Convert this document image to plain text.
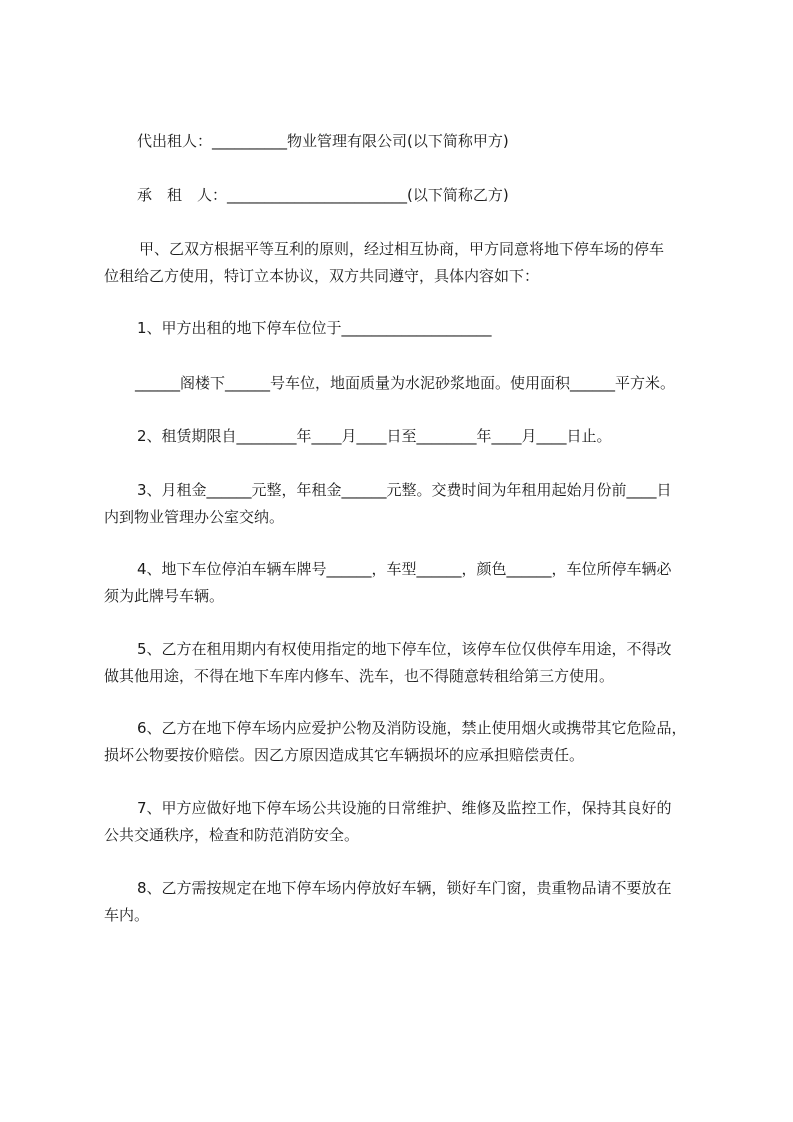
代出租人：__________物业管理有限公司(以下简称甲方)
承　租　人：________________________(以下简称乙方)
甲、乙双方根据平等互利的原则，经过相互协商，甲方同意将地下停车场的停车
位租给乙方使用，特订立本协议，双方共同遵守，具体内容如下：
1、甲方出租的地下停车位位于____________________
______阁楼下______号车位，地面质量为水泥砂浆地面。使用面积______平方米。
2、租赁期限自________年____月____日至________年____月____日止。
3、月租金______元整，年租金______元整。交费时间为年租用起始月份前____日
内到物业管理办公室交纳。
4、地下车位停泊车辆车牌号______，车型______，颜色______，车位所停车辆必
须为此牌号车辆。
5、乙方在租用期内有权使用指定的地下停车位，该停车位仅供停车用途，不得改
做其他用途，不得在地下车库内修车、洗车，也不得随意转租给第三方使用。
6、乙方在地下停车场内应爱护公物及消防设施，禁止使用烟火或携带其它危险品，
损坏公物要按价赔偿。因乙方原因造成其它车辆损坏的应承担赔偿责任。
7、甲方应做好地下停车场公共设施的日常维护、维修及监控工作，保持其良好的
公共交通秩序，检查和防范消防安全。
8、乙方需按规定在地下停车场内停放好车辆，锁好车门窗，贵重物品请不要放在
车内。
